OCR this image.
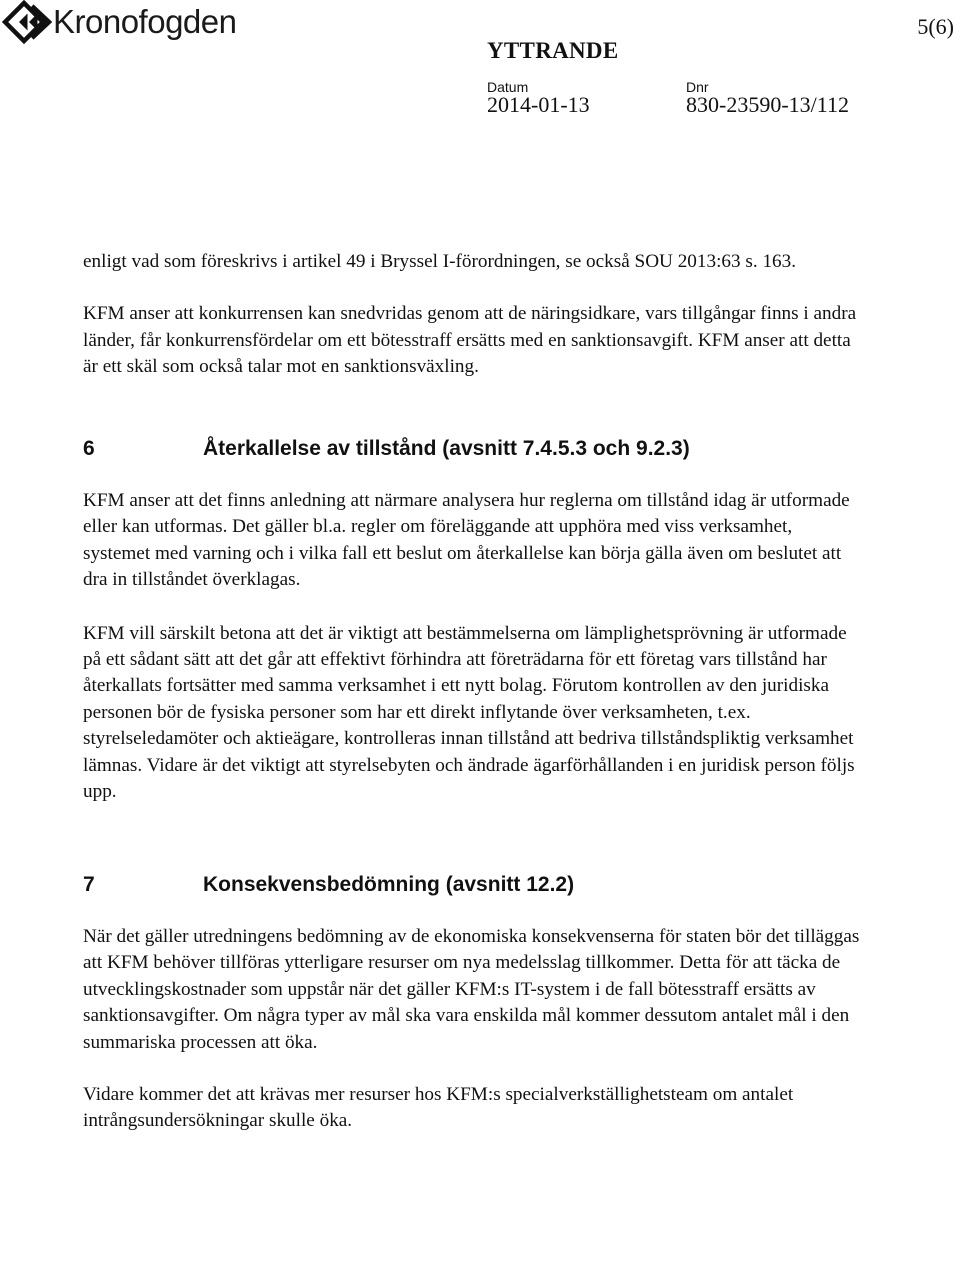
Kronofogden	5(6)
YTTRANDE
Datum
2014-01-13
Dnr
830-23590-13/112

enligt vad som föreskrivs i artikel 49 i Bryssel I-förordningen, se också SOU 2013:63 s. 163.

KFM anser att konkurrensen kan snedvridas genom att de näringsidkare, vars tillgångar finns i andra länder, får konkurrensfördelar om ett bötesstraff ersätts med en sanktionsavgift. KFM anser att detta är ett skäl som också talar mot en sanktionsväxling.

6	Återkallelse av tillstånd (avsnitt 7.4.5.3 och 9.2.3)

KFM anser att det finns anledning att närmare analysera hur reglerna om tillstånd idag är utformade eller kan utformas. Det gäller bl.a. regler om föreläggande att upphöra med viss verksamhet, systemet med varning och i vilka fall ett beslut om återkallelse kan börja gälla även om beslutet att dra in tillståndet överklagas.

KFM vill särskilt betona att det är viktigt att bestämmelserna om lämplighetsprövning är utformade på ett sådant sätt att det går att effektivt förhindra att företrädarna för ett företag vars tillstånd har återkallats fortsätter med samma verksamhet i ett nytt bolag. Förutom kontrollen av den juridiska personen bör de fysiska personer som har ett direkt inflytande över verksamheten, t.ex. styrelseledamöter och aktieägare, kontrolleras innan tillstånd att bedriva tillståndspliktig verksamhet lämnas. Vidare är det viktigt att styrelsebyten och ändrade ägarförhållanden i en juridisk person följs upp.

7	Konsekvensbedömning (avsnitt 12.2)

När det gäller utredningens bedömning av de ekonomiska konsekvenserna för staten bör det tilläggas att KFM behöver tillföras ytterligare resurser om nya medelsslag tillkommer. Detta för att täcka de utvecklingskostnader som uppstår när det gäller KFM:s IT-system i de fall bötesstraff ersätts av sanktionsavgifter. Om några typer av mål ska vara enskilda mål kommer dessutom antalet mål i den summariska processen att öka.

Vidare kommer det att krävas mer resurser hos KFM:s specialverkställighetsteam om antalet intrångsundersökningar skulle öka.
